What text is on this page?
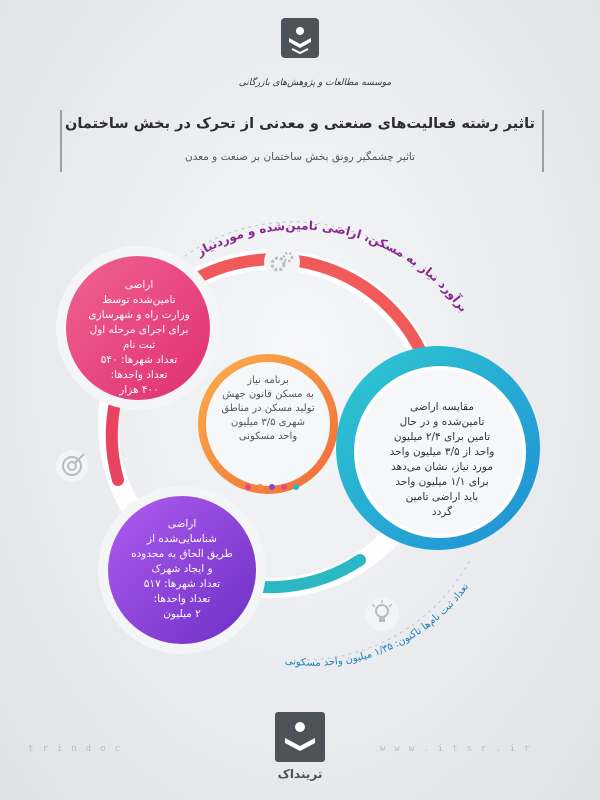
موسسه مطالعات و پژوهش‌های بازرگانی
تاثیر رشته فعالیت‌های صنعتی و معدنی از تحرک در بخش ساختمان
تاثیر چشمگیر رونق بخش ساختمان بر صنعت و معدن
برآورد نیاز به مسکن، اراضی تامین‌شده و موردنیاز
تعداد ثبت نام‌ها تاکنون: ۱/۳۵ میلیون واحد مسکونی
اراضی
تامین‌شده توسط
وزارت راه و شهرسازی
برای اجرای مرحله اول
ثبت نام
تعداد شهرها: ۵۴۰
تعداد واحدها:
۴۰۰ هزار
اراضی
شناسایی‌شده از
طریق الحاق به محدوده
و ایجاد شهرک
تعداد شهرها: ۵۱۷
تعداد واحدها:
۲ میلیون
برنامه نیاز
به مسکن قانون جهش
تولید مسکن در مناطق
شهری ۳/۵ میلیون
واحد مسکونی
مقایسه اراضی
تامین‌شده و در حال
تامین برای ۲/۴ میلیون
واحد از ۳/۵ میلیون واحد
مورد نیاز، نشان می‌دهد
برای ۱/۱ میلیون واحد
باید اراضی تامین
گردد
trindoc	www.itsr.ir
ترینداک
